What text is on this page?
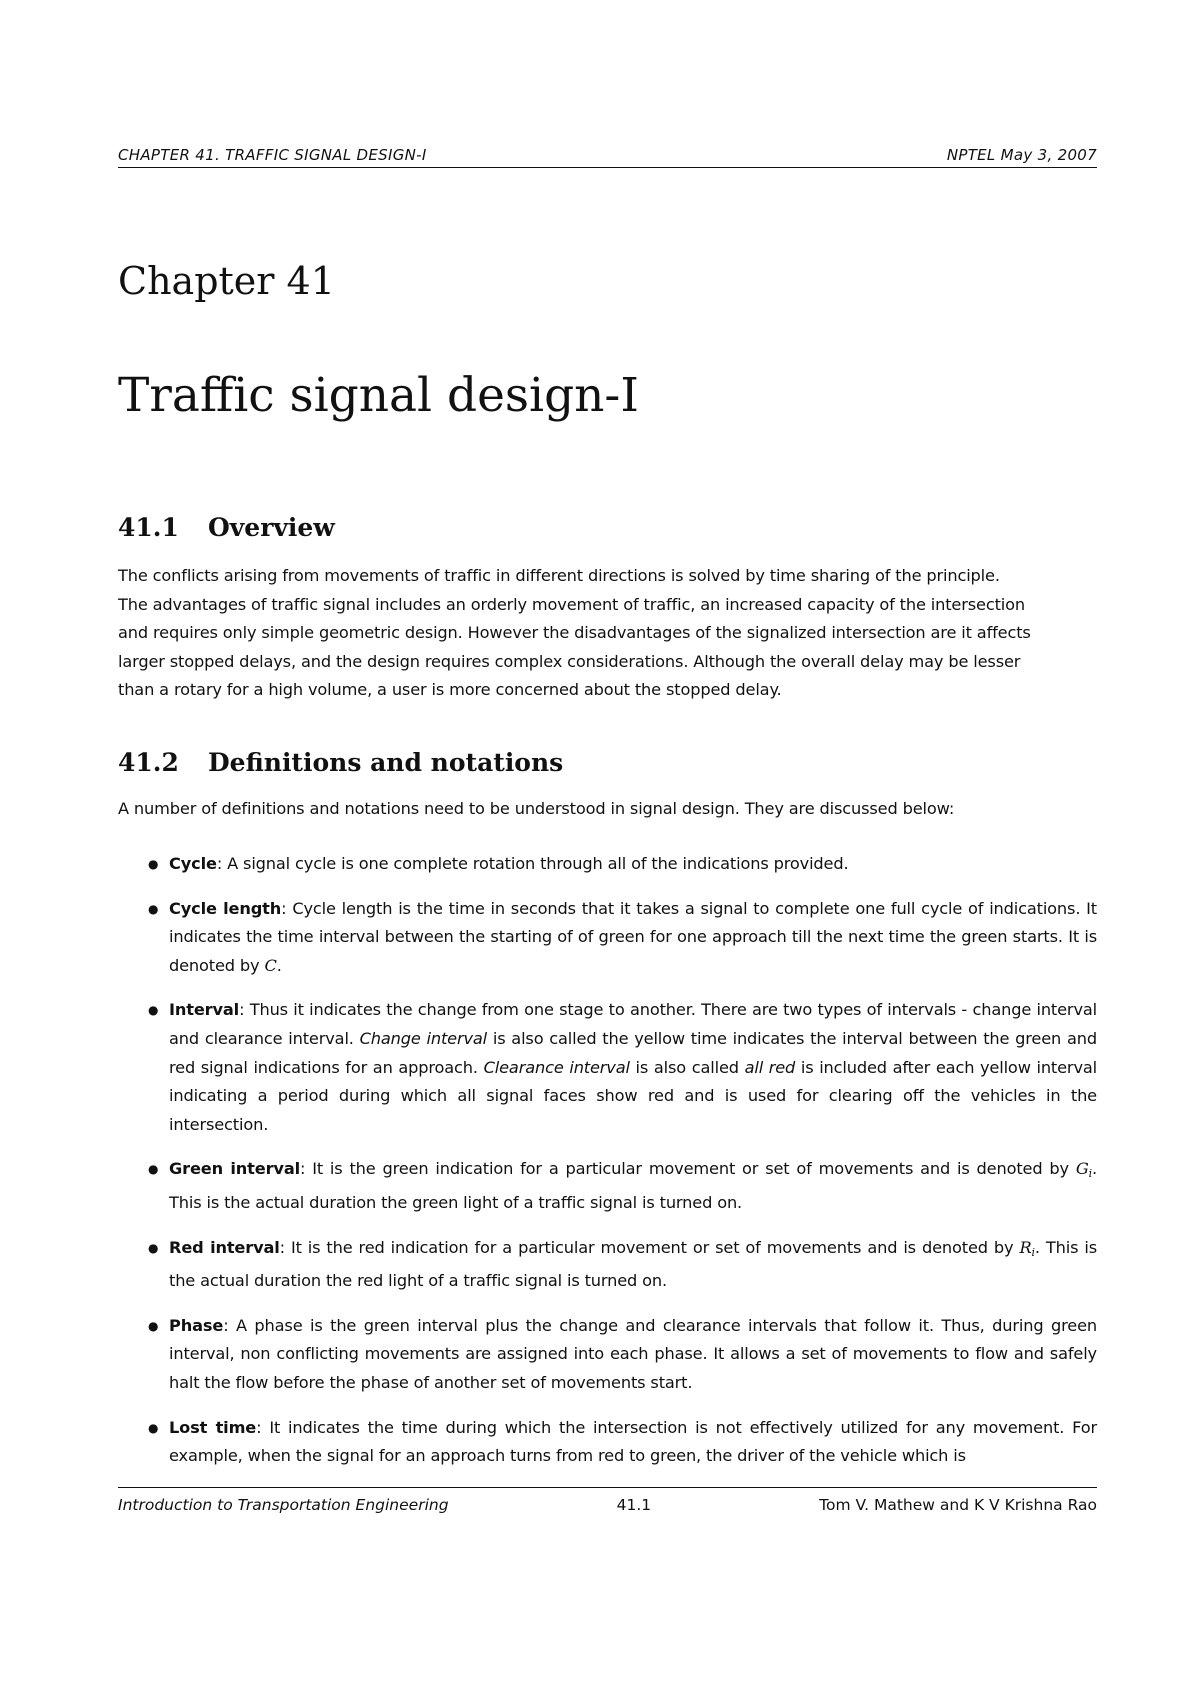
CHAPTER 41. TRAFFIC SIGNAL DESIGN-I	NPTEL May 3, 2007
Chapter 41
Traffic signal design-I
41.1 Overview
The conflicts arising from movements of traffic in different directions is solved by time sharing of the principle.
The advantages of traffic signal includes an orderly movement of traffic, an increased capacity of the intersection
and requires only simple geometric design. However the disadvantages of the signalized intersection are it affects
larger stopped delays, and the design requires complex considerations. Although the overall delay may be lesser
than a rotary for a high volume, a user is more concerned about the stopped delay.
41.2 Definitions and notations
A number of definitions and notations need to be understood in signal design. They are discussed below:
● Cycle: A signal cycle is one complete rotation through all of the indications provided.
● Cycle length: Cycle length is the time in seconds that it takes a signal to complete one full cycle of indications. It indicates the time interval between the starting of of green for one approach till the next time the green starts. It is denoted by C.
● Interval: Thus it indicates the change from one stage to another. There are two types of intervals - change interval and clearance interval. Change interval is also called the yellow time indicates the interval between the green and red signal indications for an approach. Clearance interval is also called all red is included after each yellow interval indicating a period during which all signal faces show red and is used for clearing off the vehicles in the intersection.
● Green interval: It is the green indication for a particular movement or set of movements and is denoted by $G_i$. This is the actual duration the green light of a traffic signal is turned on.
● Red interval: It is the red indication for a particular movement or set of movements and is denoted by $R_i$. This is the actual duration the red light of a traffic signal is turned on.
● Phase: A phase is the green interval plus the change and clearance intervals that follow it. Thus, during green interval, non conflicting movements are assigned into each phase. It allows a set of movements to flow and safely halt the flow before the phase of another set of movements start.
● Lost time: It indicates the time during which the intersection is not effectively utilized for any movement. For example, when the signal for an approach turns from red to green, the driver of the vehicle which is
Introduction to Transportation Engineering	41.1	Tom V. Mathew and K V Krishna Rao
